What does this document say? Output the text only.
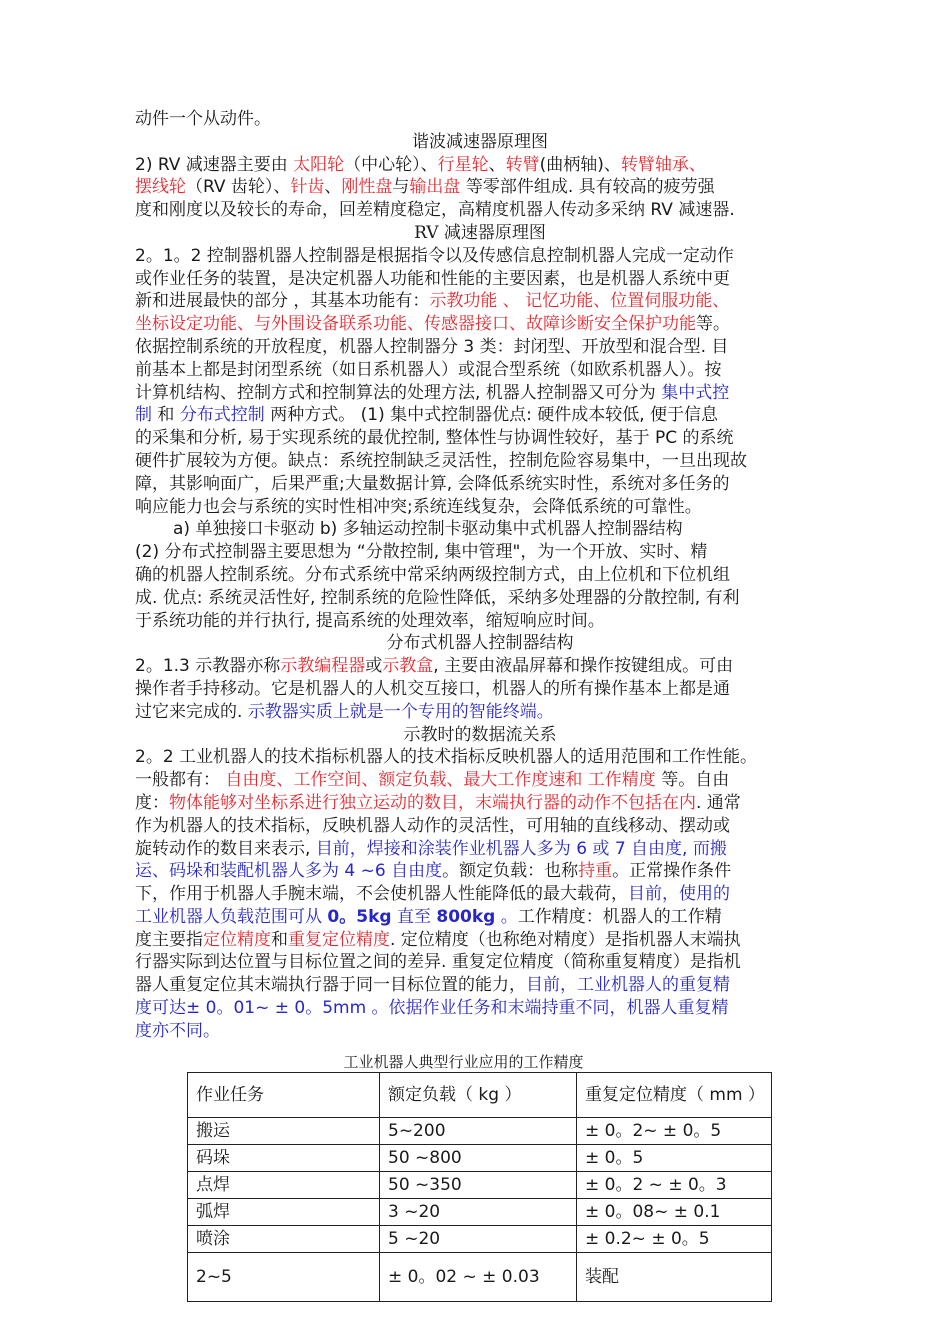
动件一个从动件。
谐波减速器原理图
2) RV 减速器主要由 太阳轮（中心轮）、行星轮、转臂(曲柄轴)、转臂轴承、
摆线轮（RV 齿轮）、针齿、刚性盘与输出盘 等零部件组成. 具有较高的疲劳强
度和刚度以及较长的寿命，回差精度稳定，高精度机器人传动多采纳 RV 减速器.
RV 减速器原理图
2。1。2 控制器机器人控制器是根据指令以及传感信息控制机器人完成一定动作
或作业任务的装置，是决定机器人功能和性能的主要因素，也是机器人系统中更
新和进展最快的部分 ，其基本功能有：示教功能 、 记忆功能、位置伺服功能、
坐标设定功能、与外围设备联系功能、传感器接口、故障诊断安全保护功能等。
依据控制系统的开放程度，机器人控制器分 3 类：封闭型、开放型和混合型. 目
前基本上都是封闭型系统（如日系机器人）或混合型系统（如欧系机器人）。按
计算机结构、控制方式和控制算法的处理方法, 机器人控制器又可分为 集中式控
制 和 分布式控制 两种方式。 (1) 集中式控制器优点: 硬件成本较低, 便于信息
的采集和分析, 易于实现系统的最优控制, 整体性与协调性较好，基于 PC 的系统
硬件扩展较为方便。缺点：系统控制缺乏灵活性，控制危险容易集中，一旦出现故
障，其影响面广，后果严重;大量数据计算, 会降低系统实时性，系统对多任务的
响应能力也会与系统的实时性相冲突;系统连线复杂，会降低系统的可靠性。
a) 单独接口卡驱动 b) 多轴运动控制卡驱动集中式机器人控制器结构
(2) 分布式控制器主要思想为 “分散控制, 集中管理"，为一个开放、实时、精
确的机器人控制系统。分布式系统中常采纳两级控制方式，由上位机和下位机组
成. 优点: 系统灵活性好, 控制系统的危险性降低，采纳多处理器的分散控制, 有利
于系统功能的并行执行, 提高系统的处理效率，缩短响应时间。
分布式机器人控制器结构
2。1.3 示教器亦称示教编程器或示教盒, 主要由液晶屏幕和操作按键组成。可由
操作者手持移动。它是机器人的人机交互接口，机器人的所有操作基本上都是通
过它来完成的. 示教器实质上就是一个专用的智能终端。
示教时的数据流关系
2。2 工业机器人的技术指标机器人的技术指标反映机器人的适用范围和工作性能。
一般都有： 自由度、工作空间、额定负载、最大工作度速和 工作精度 等。自由
度：物体能够对坐标系进行独立运动的数目，末端执行器的动作不包括在内. 通常
作为机器人的技术指标，反映机器人动作的灵活性，可用轴的直线移动、摆动或
旋转动作的数目来表示, 目前，焊接和涂装作业机器人多为 6 或 7 自由度, 而搬
运、码垛和装配机器人多为 4 ~6 自由度。额定负载：也称持重。正常操作条件
下，作用于机器人手腕末端，不会使机器人性能降低的最大载荷，目前，使用的
工业机器人负载范围可从 0。5kg 直至 800kg 。工作精度：机器人的工作精
度主要指定位精度和重复定位精度. 定位精度（也称绝对精度）是指机器人末端执
行器实际到达位置与目标位置之间的差异. 重复定位精度（简称重复精度）是指机
器人重复定位其末端执行器于同一目标位置的能力，目前，工业机器人的重复精
度可达± 0。01~ ± 0。5mm 。依据作业任务和末端持重不同，机器人重复精
度亦不同。
工业机器人典型行业应用的工作精度
作业任务	额定负载（ kg ）	重复定位精度（ mm ）
搬运	5~200	± 0。2~ ± 0。5
码垛	50 ~800	± 0。5
点焊	50 ~350	± 0。2 ~ ± 0。3
弧焊	3 ~20	± 0。08~ ± 0.1
喷涂	5 ~20	± 0.2~ ± 0。5
2~5	± 0。02 ~ ± 0.03	装配
